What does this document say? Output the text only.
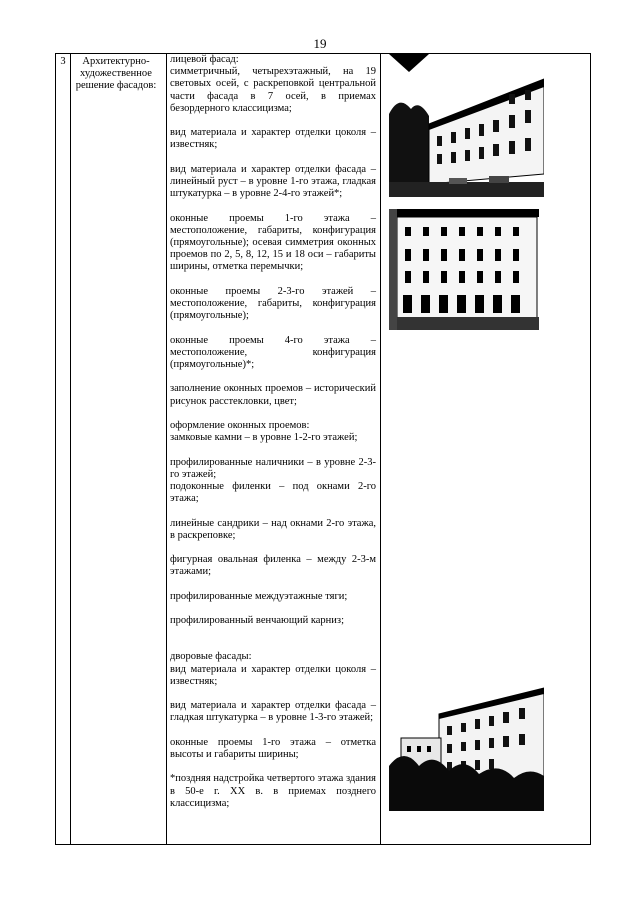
19
3	Архитектурно-художественное решение фасадов:

лицевой фасад:
симметричный, четырехэтажный, на 19 световых осей, с раскреповкой центральной части фасада в 7 осей, в приемах безордерного классицизма;

вид материала и характер отделки цоколя – известняк;

вид материала и характер отделки фасада – линейный руст – в уровне 1-го этажа, гладкая штукатурка – в уровне 2-4-го этажей*;

оконные проемы 1-го этажа – местоположение, габариты, конфигурация (прямоугольные); осевая симметрия оконных проемов по 2, 5, 8, 12, 15 и 18 оси – габариты ширины, отметка перемычки;

оконные проемы 2-3-го этажей – местоположение, габариты, конфигурация (прямоугольные);

оконные проемы 4-го этажа – местоположение, конфигурация (прямоугольные)*;

заполнение оконных проемов – исторический рисунок расстекловки, цвет;

оформление оконных проемов:
замковые камни – в уровне 1-2-го этажей;

профилированные наличники – в уровне 2-3-го этажей;
подоконные филенки – под окнами 2-го этажа;

линейные сандрики – над окнами 2-го этажа, в раскреповке;

фигурная овальная филенка – между 2-3-м этажами;

профилированные междуэтажные тяги;

профилированный венчающий карниз;

дворовые фасады:
вид материала и характер отделки цоколя – известняк;

вид материала и характер отделки фасада – гладкая штукатурка – в уровне 1-3-го этажей;

оконные проемы 1-го этажа – отметка высоты и габариты ширины;

*поздняя надстройка четвертого этажа здания в 50-е г. XX в. в приемах позднего классицизма;
